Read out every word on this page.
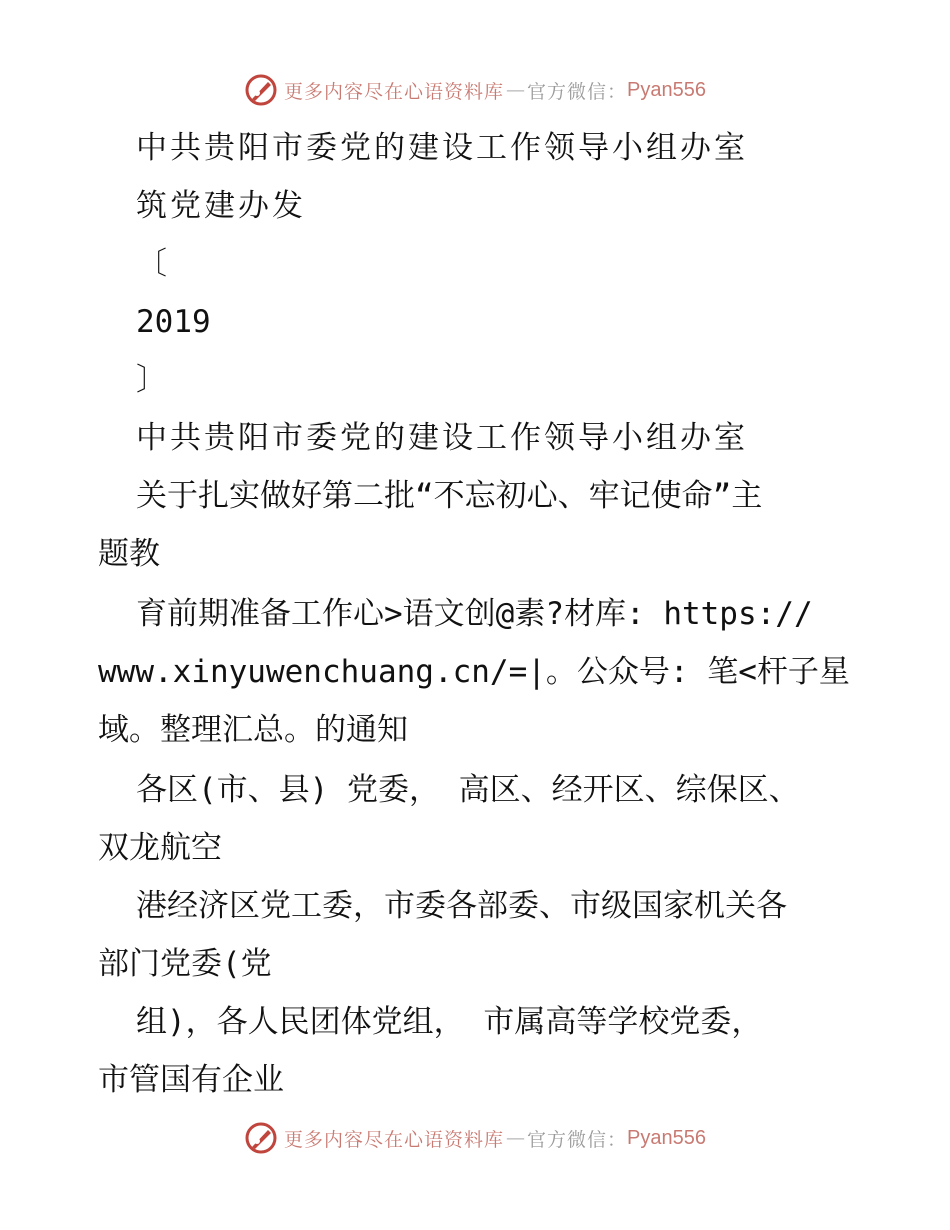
更多内容尽在心语资料库 — 官方微信： Pyan556
中共贵阳市委党的建设工作领导小组办室
筑党建办发
〔
2019
〕
中共贵阳市委党的建设工作领导小组办室
关于扎实做好第二批“不忘初心、牢记使命”主
题教
育前期准备工作心>语文创@素?材库: https://
www.xinyuwenchuang.cn/=|。公众号: 笔<杆子星
域。整理汇总。的通知
各区(市、县) 党委， 高区、经开区、综保区、
双龙航空
港经济区党工委，市委各部委、市级国家机关各
部门党委(党
组)，各人民团体党组， 市属高等学校党委，
市管国有企业
更多内容尽在心语资料库 — 官方微信： Pyan556
